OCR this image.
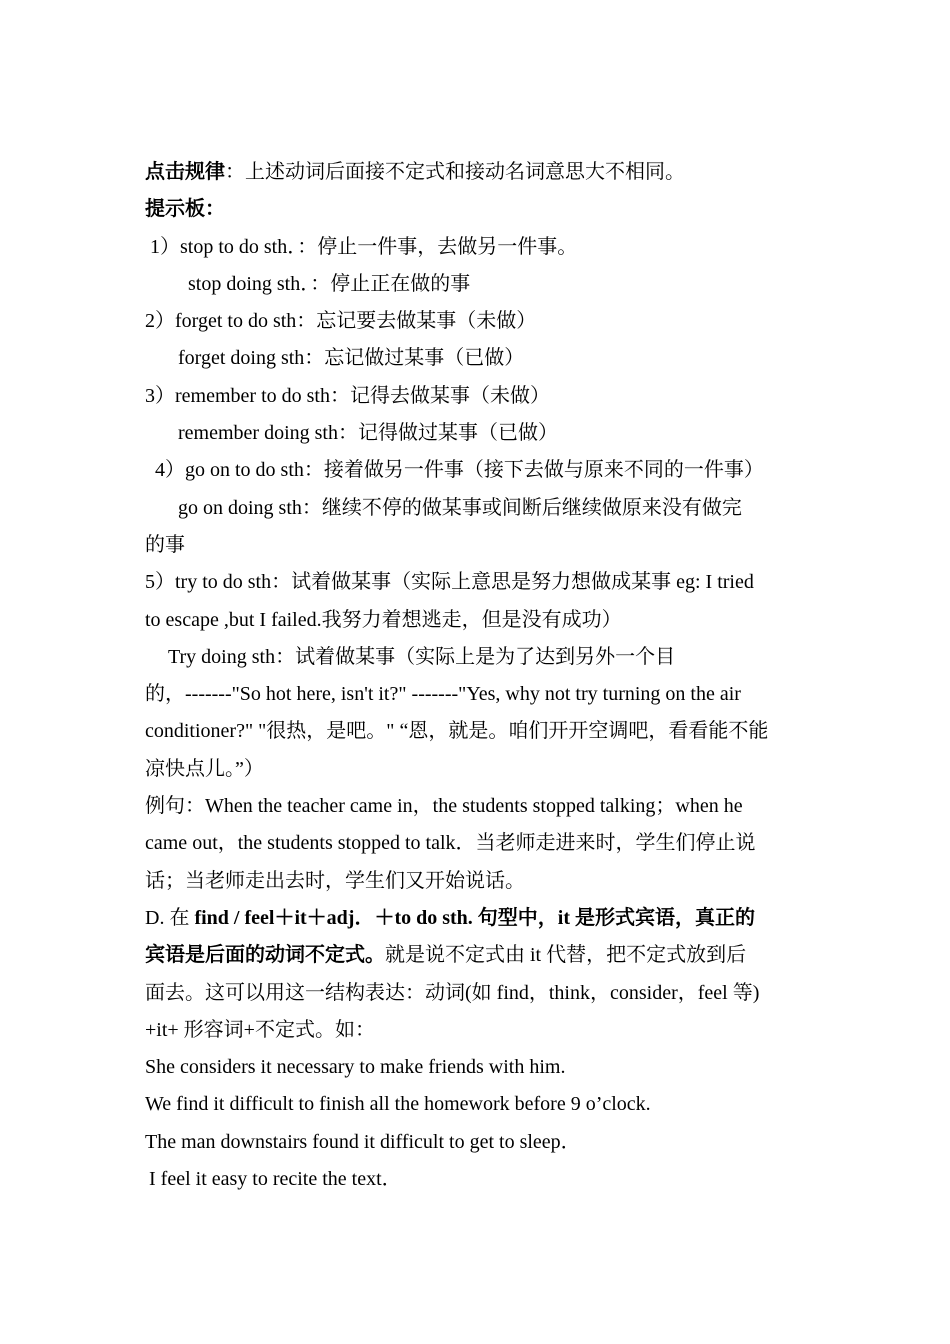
点击规律：上述动词后面接不定式和接动名词意思大不相同。
提示板：
1）stop to do sth．：停止一件事，去做另一件事。
stop doing sth．：停止正在做的事
2）forget to do sth：忘记要去做某事（未做）
forget doing sth：忘记做过某事（已做）
3）remember to do sth：记得去做某事（未做）
remember doing sth：记得做过某事（已做）
4）go on to do sth：接着做另一件事（接下去做与原来不同的一件事）
go on doing sth：继续不停的做某事或间断后继续做原来没有做完
的事
5）try to do sth：试着做某事（实际上意思是努力想做成某事 eg: I tried
to escape ,but I failed.我努力着想逃走，但是没有成功）
Try doing sth：试着做某事（实际上是为了达到另外一个目
的，-------"So hot here, isn't it?" -------"Yes, why not try turning on the air
conditioner?" "很热，是吧。" “恩，就是。咱们开开空调吧，看看能不能
凉快点儿。”）
例句：When the teacher came in，the students stopped talking；when he
came out，the students stopped to talk．当老师走进来时，学生们停止说
话；当老师走出去时，学生们又开始说话。
D. 在 find / feel＋it＋adj．＋to do sth. 句型中，it 是形式宾语，真正的
宾语是后面的动词不定式。就是说不定式由 it 代替，把不定式放到后
面去。这可以用这一结构表达：动词(如 find，think，consider，feel 等)
+it+ 形容词+不定式。如：
She considers it necessary to make friends with him.
We find it difficult to finish all the homework before 9 o’clock.
The man downstairs found it difficult to get to sleep．
I feel it easy to recite the text．
